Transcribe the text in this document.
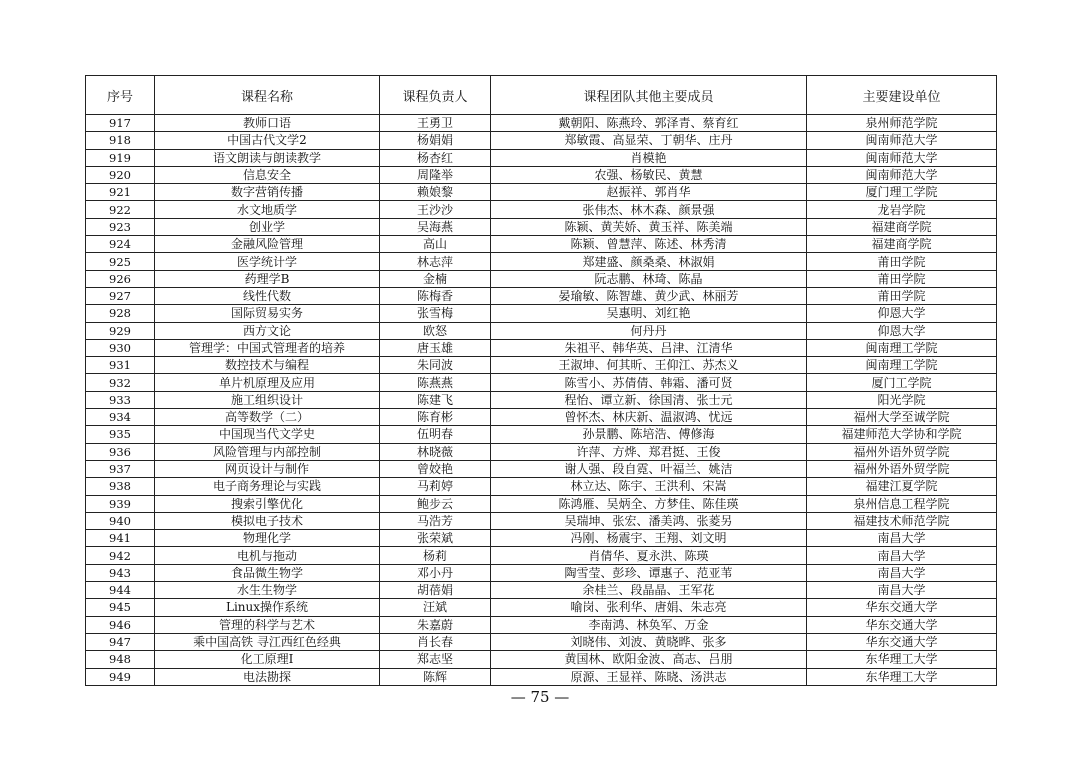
序号	课程名称	课程负责人	课程团队其他主要成员	主要建设单位
917	教师口语	王勇卫	戴朝阳、陈燕玲、郭泽青、蔡育红	泉州师范学院
918	中国古代文学2	杨娟娟	郑敏霞、高显荣、丁朝华、庄丹	闽南师范大学
919	语文朗读与朗读教学	杨杏红	肖模艳	闽南师范大学
920	信息安全	周隆举	农强、杨敏民、黄慧	闽南师范大学
921	数字营销传播	赖娘黎	赵振祥、郭肖华	厦门理工学院
922	水文地质学	王沙沙	张伟杰、林木森、颜景强	龙岩学院
923	创业学	吴海燕	陈颖、黄芙娇、黄玉祥、陈美端	福建商学院
924	金融风险管理	高山	陈颖、曾慧萍、陈述、林秀清	福建商学院
925	医学统计学	林志萍	郑建盛、颜桑桑、林淑娟	莆田学院
926	药理学B	金楠	阮志鹏、林琦、陈晶	莆田学院
927	线性代数	陈梅香	晏瑜敏、陈智雄、黄少武、林丽芳	莆田学院
928	国际贸易实务	张雪梅	吴惠明、刘红艳	仰恩大学
929	西方文论	欧怒	何丹丹	仰恩大学
930	管理学：中国式管理者的培养	唐玉雄	朱祖平、韩华英、吕津、江清华	闽南理工学院
931	数控技术与编程	朱同波	王淑坤、何其昕、王仰江、苏杰义	闽南理工学院
932	单片机原理及应用	陈燕燕	陈雪小、苏倩倩、韩霜、潘可贤	厦门工学院
933	施工组织设计	陈建飞	程怡、谭立新、徐国清、张士元	阳光学院
934	高等数学（二）	陈育彬	曾怀杰、林庆新、温淑鸿、忧远	福州大学至诚学院
935	中国现当代文学史	伍明春	孙景鹏、陈培浩、傅修海	福建师范大学协和学院
936	风险管理与内部控制	林晓薇	许萍、方烨、郑君挺、王俊	福州外语外贸学院
937	网页设计与制作	曾姣艳	谢人强、段自霓、叶福兰、姚洁	福州外语外贸学院
938	电子商务理论与实践	马莉婷	林立达、陈宇、王洪利、宋嵩	福建江夏学院
939	搜索引擎优化	鲍步云	陈鸿雁、吴炳全、方梦佳、陈佳瑛	泉州信息工程学院
940	模拟电子技术	马浩芳	吴瑞坤、张宏、潘美鸿、张菱另	福建技术师范学院
941	物理化学	张荣斌	冯刚、杨震宇、王翔、刘文明	南昌大学
942	电机与拖动	杨莉	肖倩华、夏永洪、陈瑛	南昌大学
943	食品微生物学	邓小丹	陶雪莹、彭珍、谭惠子、范亚苇	南昌大学
944	水生生物学	胡蓓娟	余桂兰、段晶晶、王军花	南昌大学
945	Linux操作系统	汪斌	喻岗、张利华、唐娟、朱志亮	华东交通大学
946	管理的科学与艺术	朱嘉蔚	李南鸿、林奂军、万金	华东交通大学
947	乘中国高铁 寻江西红色经典	肖长春	刘晓伟、刘波、黄晓晔、张多	华东交通大学
948	化工原理I	郑志坚	黄国林、欧阳金波、高志、吕朋	东华理工大学
949	电法勘探	陈辉	原源、王显祥、陈晓、汤洪志	东华理工大学
— 75 —
